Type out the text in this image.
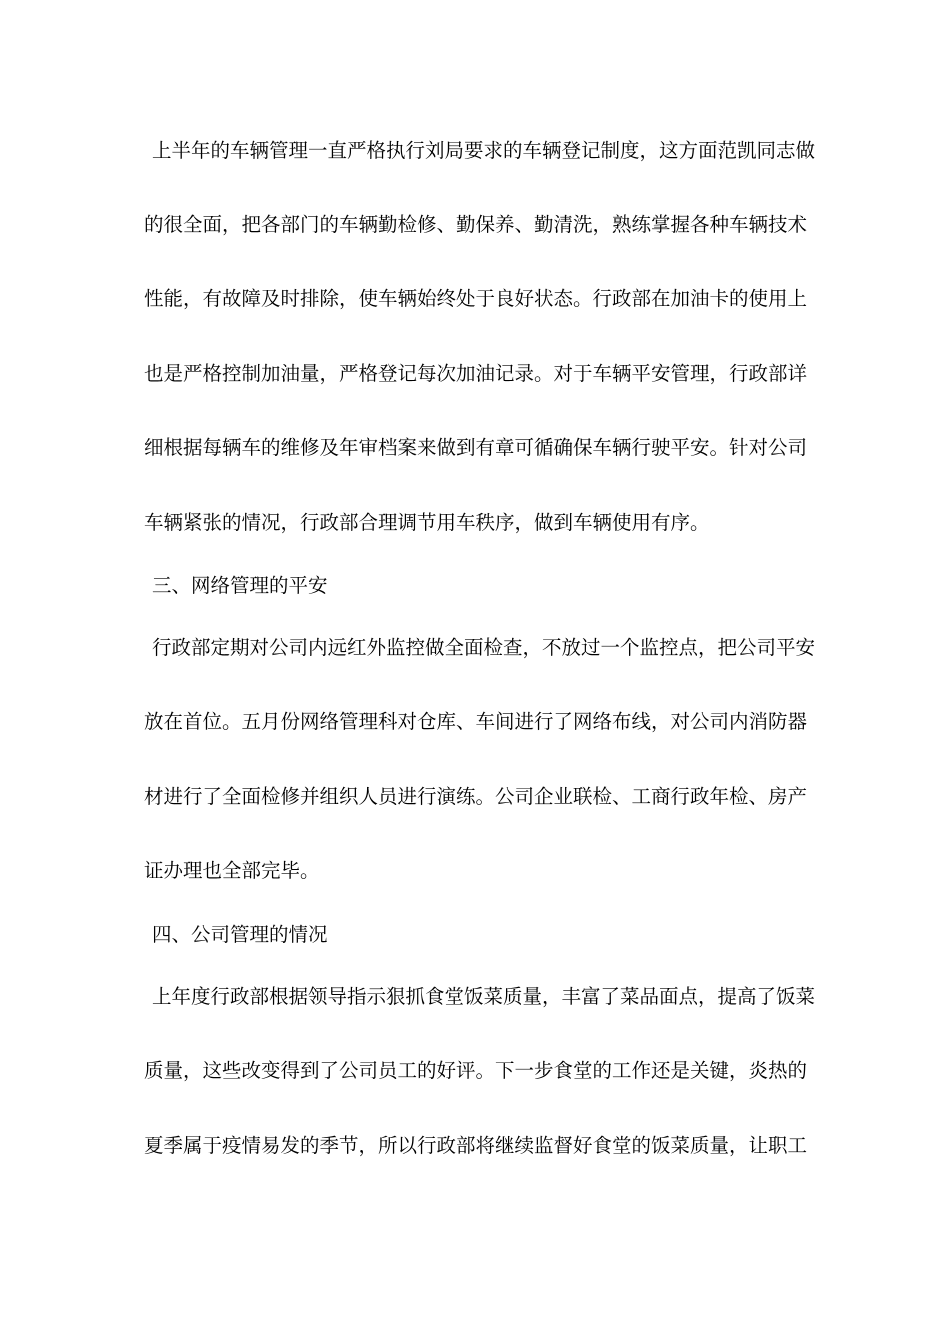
上半年的车辆管理一直严格执行刘局要求的车辆登记制度，这方面范凯同志做
的很全面，把各部门的车辆勤检修、勤保养、勤清洗，熟练掌握各种车辆技术
性能，有故障及时排除，使车辆始终处于良好状态。行政部在加油卡的使用上
也是严格控制加油量，严格登记每次加油记录。对于车辆平安管理，行政部详
细根据每辆车的维修及年审档案来做到有章可循确保车辆行驶平安。针对公司
车辆紧张的情况，行政部合理调节用车秩序，做到车辆使用有序。
三、网络管理的平安
行政部定期对公司内远红外监控做全面检查，不放过一个监控点，把公司平安
放在首位。五月份网络管理科对仓库、车间进行了网络布线，对公司内消防器
材进行了全面检修并组织人员进行演练。公司企业联检、工商行政年检、房产
证办理也全部完毕。
四、公司管理的情况
上年度行政部根据领导指示狠抓食堂饭菜质量，丰富了菜品面点，提高了饭菜
质量，这些改变得到了公司员工的好评。下一步食堂的工作还是关键，炎热的
夏季属于疫情易发的季节，所以行政部将继续监督好食堂的饭菜质量，让职工
